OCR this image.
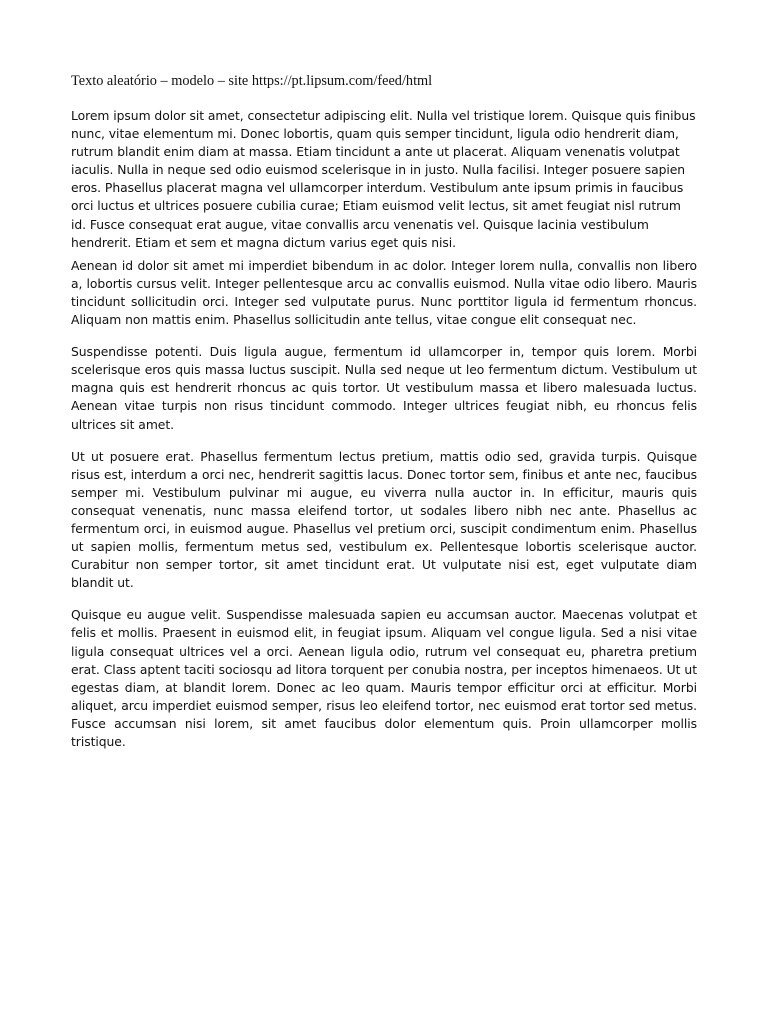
Texto aleatório – modelo – site https://pt.lipsum.com/feed/html

Lorem ipsum dolor sit amet, consectetur adipiscing elit. Nulla vel tristique lorem. Quisque quis finibus nunc, vitae elementum mi. Donec lobortis, quam quis semper tincidunt, ligula odio hendrerit diam, rutrum blandit enim diam at massa. Etiam tincidunt a ante ut placerat. Aliquam venenatis volutpat iaculis. Nulla in neque sed odio euismod scelerisque in in justo. Nulla facilisi. Integer posuere sapien eros. Phasellus placerat magna vel ullamcorper interdum. Vestibulum ante ipsum primis in faucibus orci luctus et ultrices posuere cubilia curae; Etiam euismod velit lectus, sit amet feugiat nisl rutrum id. Fusce consequat erat augue, vitae convallis arcu venenatis vel. Quisque lacinia vestibulum hendrerit. Etiam et sem et magna dictum varius eget quis nisi.

Aenean id dolor sit amet mi imperdiet bibendum in ac dolor. Integer lorem nulla, convallis non libero a, lobortis cursus velit. Integer pellentesque arcu ac convallis euismod. Nulla vitae odio libero. Mauris tincidunt sollicitudin orci. Integer sed vulputate purus. Nunc porttitor ligula id fermentum rhoncus. Aliquam non mattis enim. Phasellus sollicitudin ante tellus, vitae congue elit consequat nec.

Suspendisse potenti. Duis ligula augue, fermentum id ullamcorper in, tempor quis lorem. Morbi scelerisque eros quis massa luctus suscipit. Nulla sed neque ut leo fermentum dictum. Vestibulum ut magna quis est hendrerit rhoncus ac quis tortor. Ut vestibulum massa et libero malesuada luctus. Aenean vitae turpis non risus tincidunt commodo. Integer ultrices feugiat nibh, eu rhoncus felis ultrices sit amet.

Ut ut posuere erat. Phasellus fermentum lectus pretium, mattis odio sed, gravida turpis. Quisque risus est, interdum a orci nec, hendrerit sagittis lacus. Donec tortor sem, finibus et ante nec, faucibus semper mi. Vestibulum pulvinar mi augue, eu viverra nulla auctor in. In efficitur, mauris quis consequat venenatis, nunc massa eleifend tortor, ut sodales libero nibh nec ante. Phasellus ac fermentum orci, in euismod augue. Phasellus vel pretium orci, suscipit condimentum enim. Phasellus ut sapien mollis, fermentum metus sed, vestibulum ex. Pellentesque lobortis scelerisque auctor. Curabitur non semper tortor, sit amet tincidunt erat. Ut vulputate nisi est, eget vulputate diam blandit ut.

Quisque eu augue velit. Suspendisse malesuada sapien eu accumsan auctor. Maecenas volutpat et felis et mollis. Praesent in euismod elit, in feugiat ipsum. Aliquam vel congue ligula. Sed a nisi vitae ligula consequat ultrices vel a orci. Aenean ligula odio, rutrum vel consequat eu, pharetra pretium erat. Class aptent taciti sociosqu ad litora torquent per conubia nostra, per inceptos himenaeos. Ut ut egestas diam, at blandit lorem. Donec ac leo quam. Mauris tempor efficitur orci at efficitur. Morbi aliquet, arcu imperdiet euismod semper, risus leo eleifend tortor, nec euismod erat tortor sed metus. Fusce accumsan nisi lorem, sit amet faucibus dolor elementum quis. Proin ullamcorper mollis tristique.
